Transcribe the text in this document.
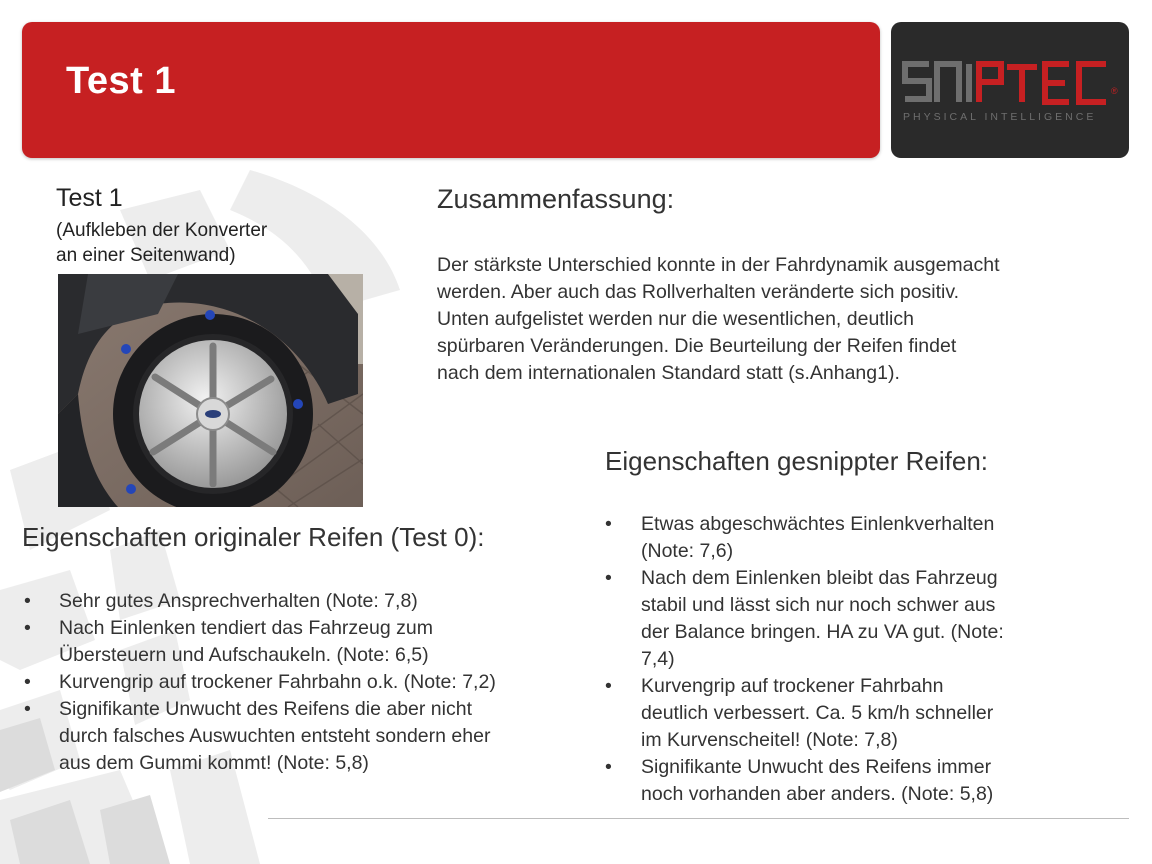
Test 1	®
PHYSICAL INTELLIGENCE

Test 1

(Aufkleben der Konverter
an einer Seitenwand)

Zusammenfassung:

Der stärkste Unterschied konnte in der Fahrdynamik ausgemacht
werden. Aber auch das Rollverhalten veränderte sich positiv.
Unten aufgelistet werden nur die wesentlichen, deutlich
spürbaren Veränderungen. Die Beurteilung der Reifen findet
nach dem internationalen Standard statt (s.Anhang1).

Eigenschaften originaler Reifen (Test 0):

• Sehr gutes Ansprechverhalten (Note: 7,8)
• Nach Einlenken tendiert das Fahrzeug zum
Übersteuern und Aufschaukeln. (Note: 6,5)
• Kurvengrip auf trockener Fahrbahn o.k. (Note: 7,2)
• Signifikante Unwucht des Reifens die aber nicht
durch falsches Auswuchten entsteht sondern eher
aus dem Gummi kommt! (Note: 5,8)

Eigenschaften gesnippter Reifen:

• Etwas abgeschwächtes Einlenkverhalten
(Note: 7,6)
• Nach dem Einlenken bleibt das Fahrzeug
stabil und lässt sich nur noch schwer aus
der Balance bringen. HA zu VA gut. (Note:
7,4)
• Kurvengrip auf trockener Fahrbahn
deutlich verbessert. Ca. 5 km/h schneller
im Kurvenscheitel! (Note: 7,8)
• Signifikante Unwucht des Reifens immer
noch vorhanden aber anders. (Note: 5,8)
